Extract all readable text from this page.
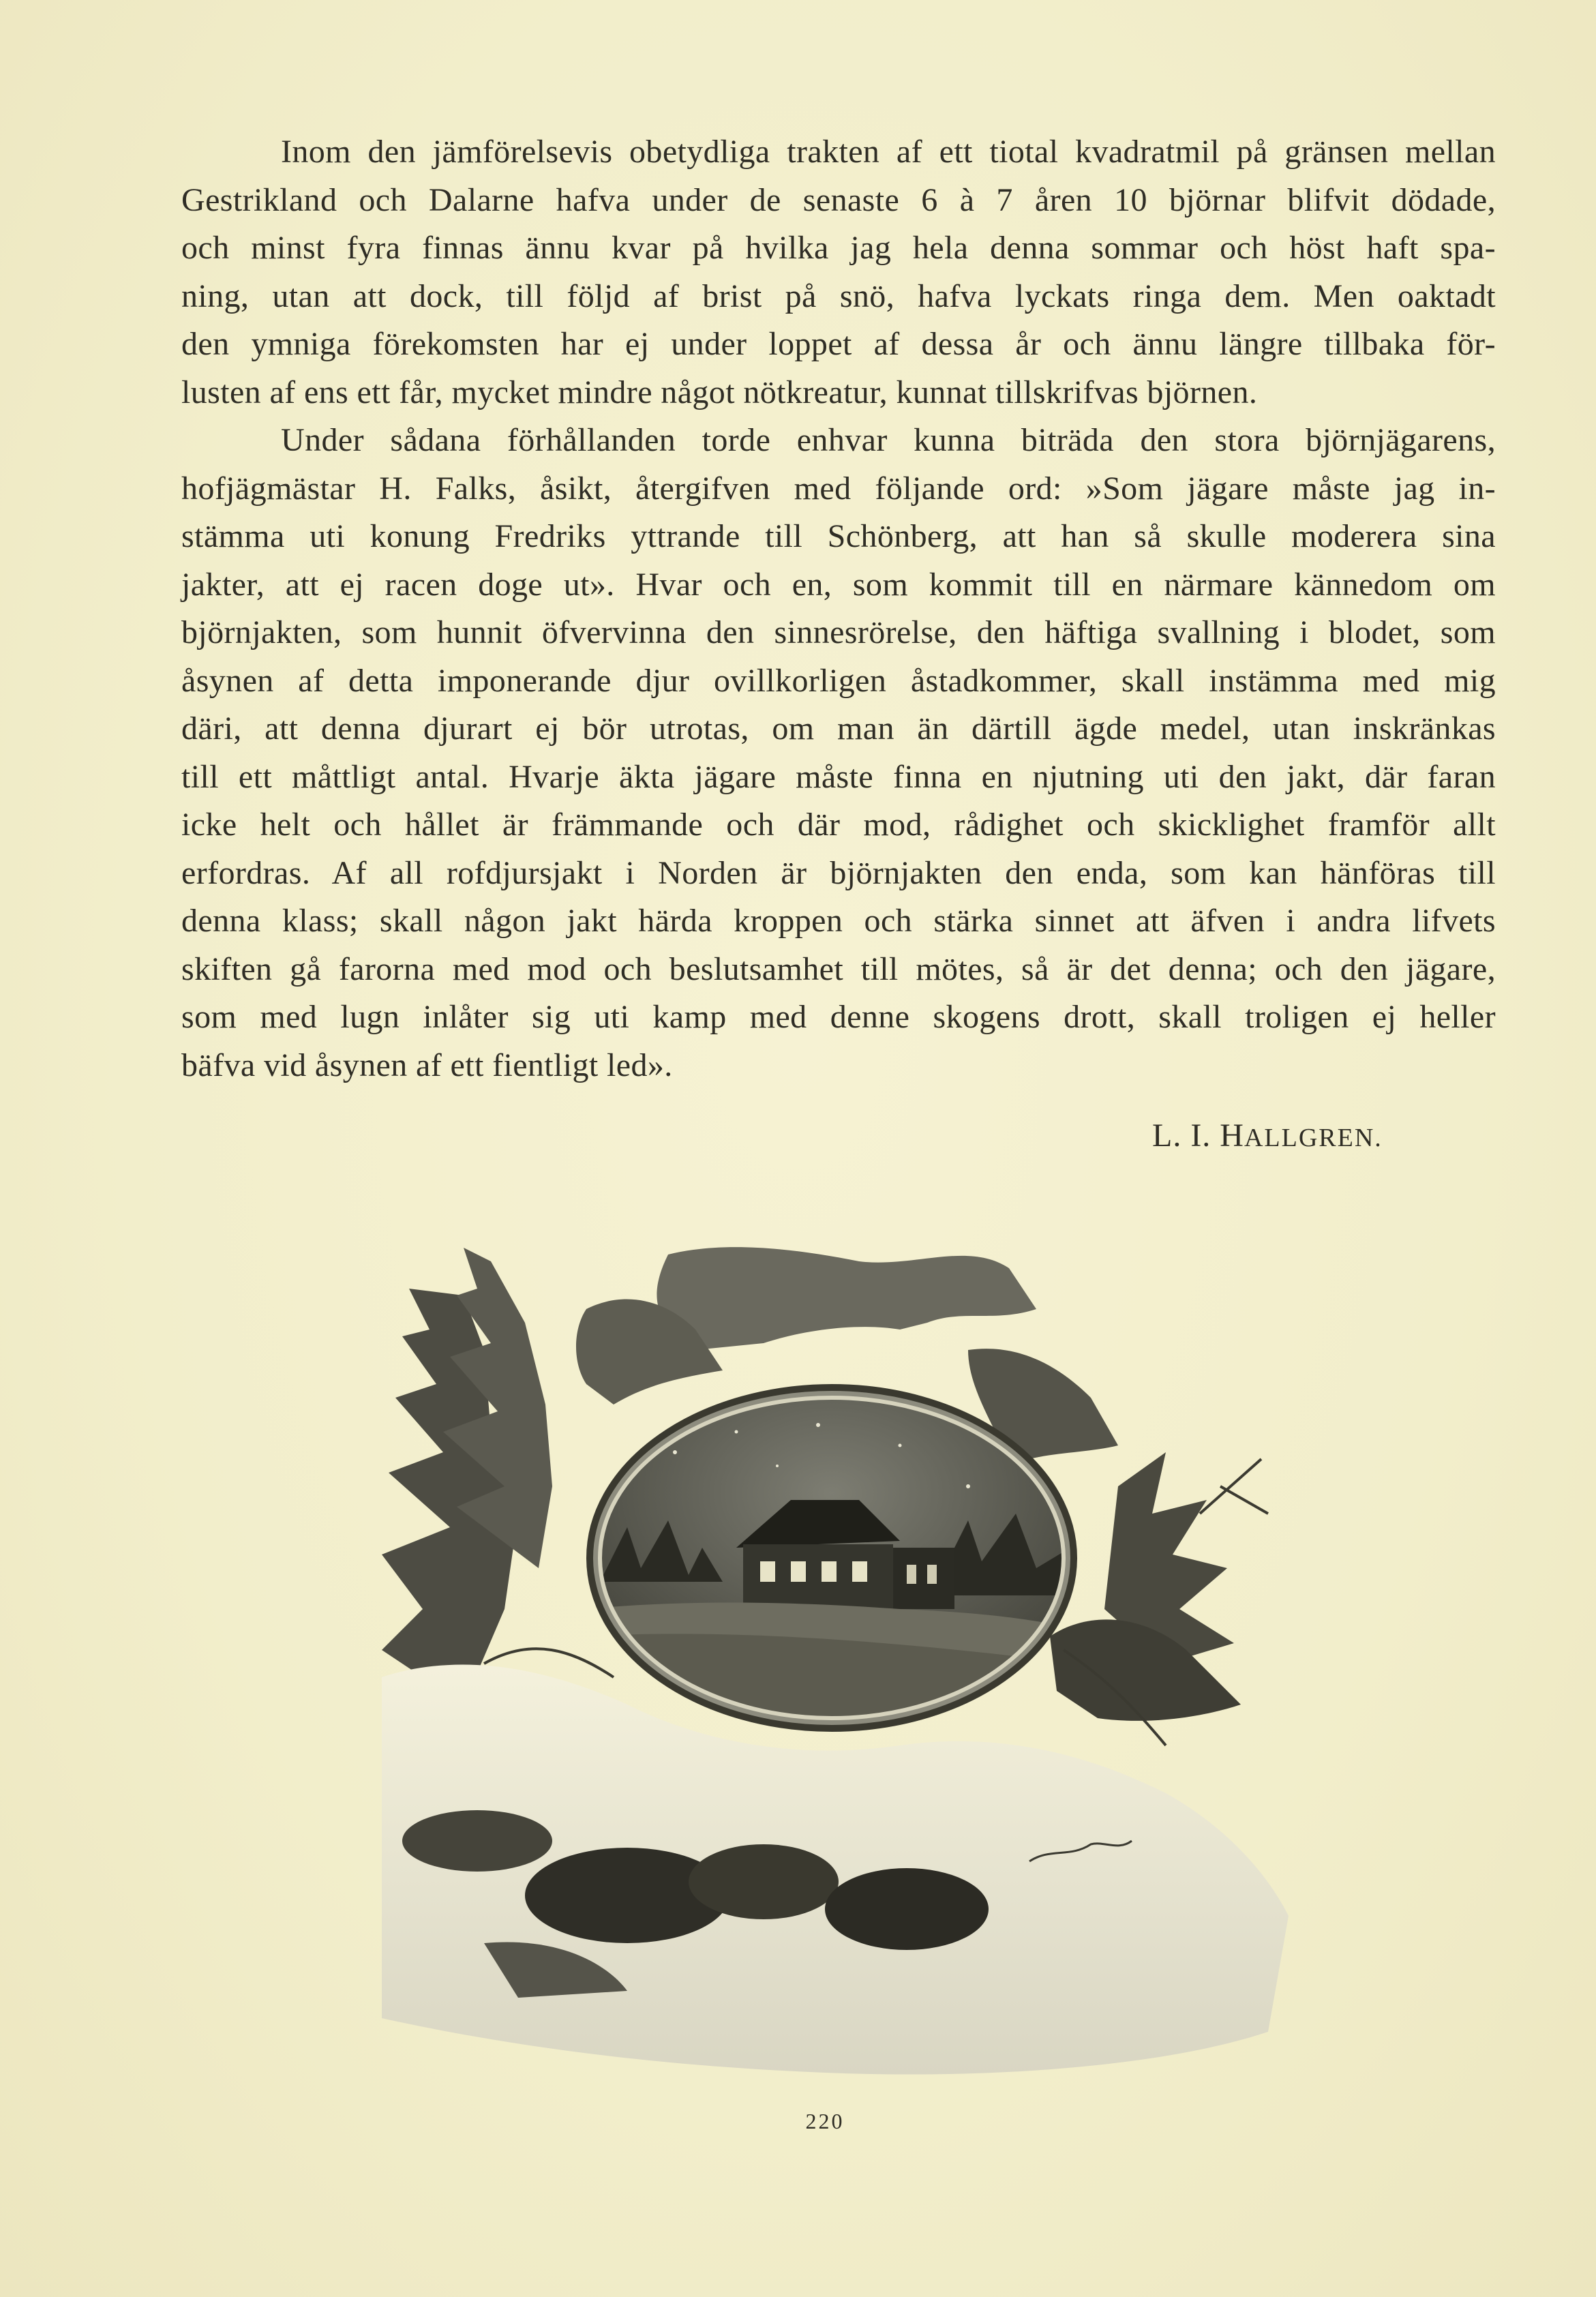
Inom den jämförelsevis obetydliga trakten af ett tiotal kvadratmil på gränsen mellan
Gestrikland och Dalarne hafva under de senaste 6 à 7 åren 10 björnar blifvit dödade,
och minst fyra finnas ännu kvar på hvilka jag hela denna sommar och höst haft spa-
ning, utan att dock, till följd af brist på snö, hafva lyckats ringa dem. Men oaktadt
den ymniga förekomsten har ej under loppet af dessa år och ännu längre tillbaka för-
lusten af ens ett får, mycket mindre något nötkreatur, kunnat tillskrifvas björnen.
Under sådana förhållanden torde enhvar kunna biträda den stora björnjägarens,
hofjägmästar H. Falks, åsikt, återgifven med följande ord: »Som jägare måste jag in-
stämma uti konung Fredriks yttrande till Schönberg, att han så skulle moderera sina
jakter, att ej racen doge ut». Hvar och en, som kommit till en närmare kännedom om
björnjakten, som hunnit öfvervinna den sinnesrörelse, den häftiga svallning i blodet, som
åsynen af detta imponerande djur ovillkorligen åstadkommer, skall instämma med mig
däri, att denna djurart ej bör utrotas, om man än därtill ägde medel, utan inskränkas
till ett måttligt antal. Hvarje äkta jägare måste finna en njutning uti den jakt, där faran
icke helt och hållet är främmande och där mod, rådighet och skicklighet framför allt
erfordras. Af all rofdjursjakt i Norden är björnjakten den enda, som kan hänföras till
denna klass; skall någon jakt härda kroppen och stärka sinnet att äfven i andra lifvets
skiften gå farorna med mod och beslutsamhet till mötes, så är det denna; och den jägare,
som med lugn inlåter sig uti kamp med denne skogens drott, skall troligen ej heller
bäfva vid åsynen af ett fientligt led».
L. I. HALLGREN.
220
